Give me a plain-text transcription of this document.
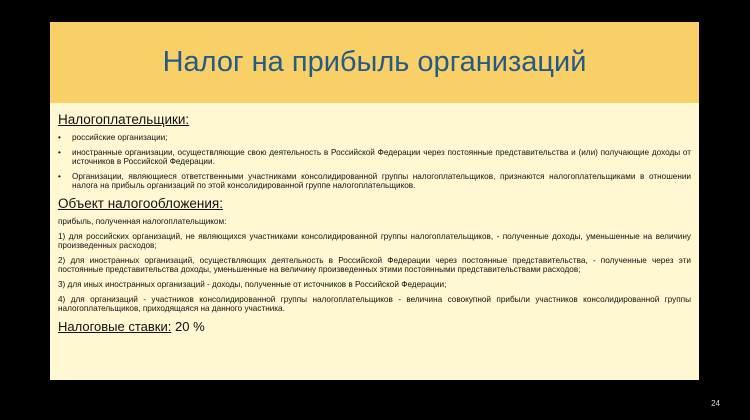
Налог на прибыль организаций
Налогоплательщики:
•	российские организации;
•	иностранные организации, осуществляющие свою деятельность в Российской Федерации через постоянные представительства и (или) получающие доходы от источников в Российской Федерации.
•	Организации, являющиеся ответственными участниками консолидированной группы налогоплательщиков, признаются налогоплательщиками в отношении налога на прибыль организаций по этой консолидированной группе налогоплательщиков.
Объект налогообложения:
прибыль, полученная налогоплательщиком:
1) для российских организаций, не являющихся участниками консолидированной группы налогоплательщиков, - полученные доходы, уменьшенные на величину произведенных расходов;
2) для иностранных организаций, осуществляющих деятельность в Российской Федерации через постоянные представительства, - полученные через эти постоянные представительства доходы, уменьшенные на величину произведенных этими постоянными представительствами расходов;
3) для иных иностранных организаций - доходы, полученные от источников в Российской Федерации;
4) для организаций - участников консолидированной группы налогоплательщиков - величина совокупной прибыли участников консолидированной группы налогоплательщиков, приходящаяся на данного участника.
Налоговые ставки: 20 %
24
